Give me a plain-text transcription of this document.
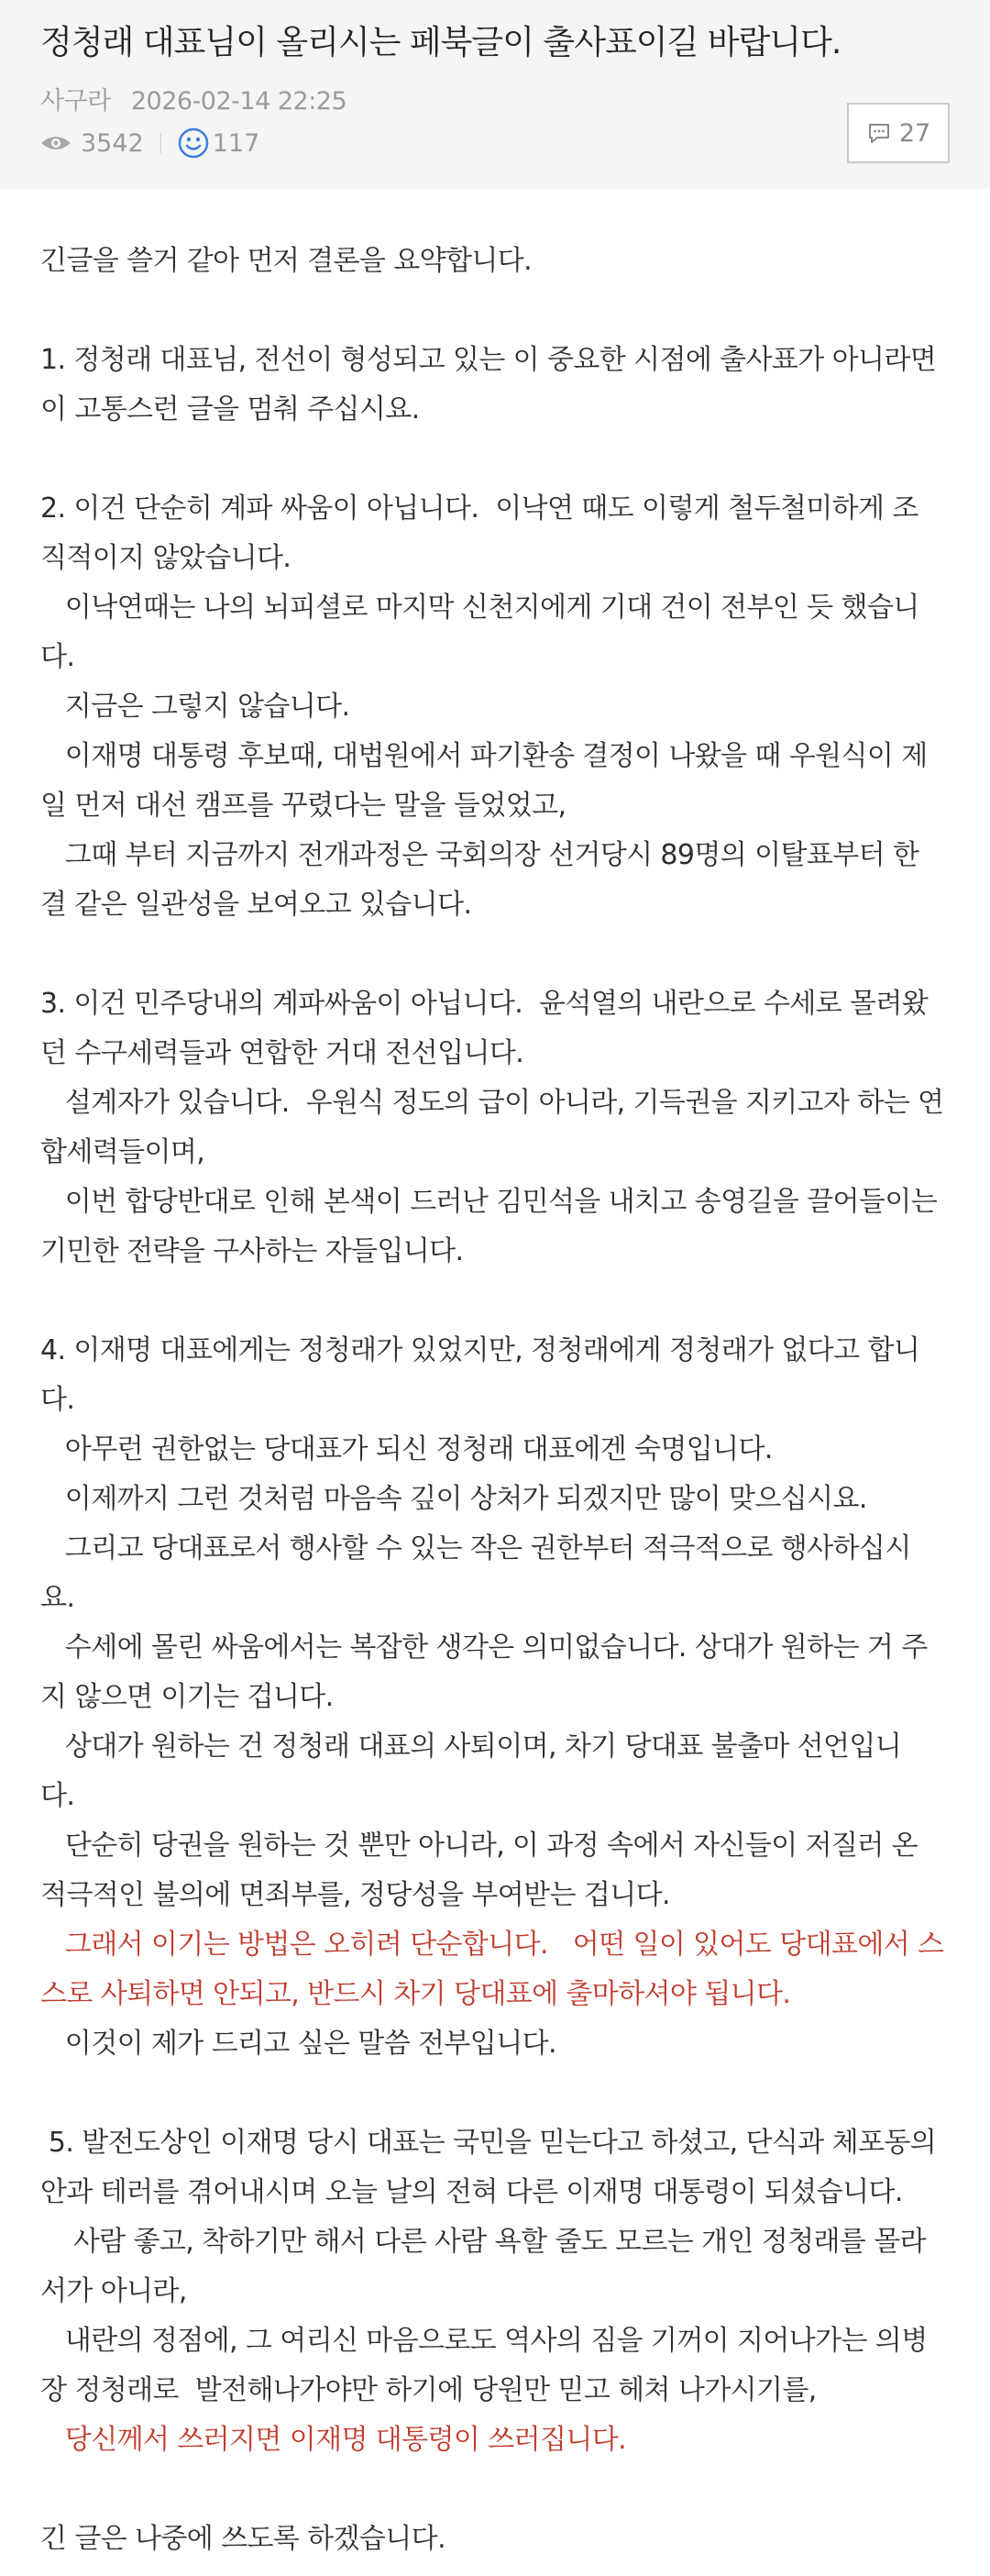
정청래 대표님이 올리시는 페북글이 출사표이길 바랍니다.
사구라 2026-02-14 22:25
3542	117	27
긴글을 쓸거 같아 먼저 결론을 요약합니다.
1. 정청래 대표님, 전선이 형성되고 있는 이 중요한 시점에 출사표가 아니라면
이 고통스런 글을 멈춰 주십시요.
2. 이건 단순히 계파 싸움이 아닙니다.  이낙연 때도 이렇게 철두철미하게 조
직적이지 않았습니다.
이낙연때는 나의 뇌피셜로 마지막 신천지에게 기대 건이 전부인 듯 했습니
다.
지금은 그렇지 않습니다.
이재명 대통령 후보때, 대법원에서 파기환송 결정이 나왔을 때 우원식이 제
일 먼저 대선 캠프를 꾸렸다는 말을 들었었고,
그때 부터 지금까지 전개과정은 국회의장 선거당시 89명의 이탈표부터 한
결 같은 일관성을 보여오고 있습니다.
3. 이건 민주당내의 계파싸움이 아닙니다.  윤석열의 내란으로 수세로 몰려왔
던 수구세력들과 연합한 거대 전선입니다.
설계자가 있습니다.  우원식 정도의 급이 아니라, 기득권을 지키고자 하는 연
합세력들이며,
이번 합당반대로 인해 본색이 드러난 김민석을 내치고 송영길을 끌어들이는
기민한 전략을 구사하는 자들입니다.
4. 이재명 대표에게는 정청래가 있었지만, 정청래에게 정청래가 없다고 합니
다.
아무런 권한없는 당대표가 되신 정청래 대표에겐 숙명입니다.
이제까지 그런 것처럼 마음속 깊이 상처가 되겠지만 많이 맞으십시요.
그리고 당대표로서 행사할 수 있는 작은 권한부터 적극적으로 행사하십시
요.
수세에 몰린 싸움에서는 복잡한 생각은 의미없습니다. 상대가 원하는 거 주
지 않으면 이기는 겁니다.
상대가 원하는 건 정청래 대표의 사퇴이며, 차기 당대표 불출마 선언입니
다.
단순히 당권을 원하는 것 뿐만 아니라, 이 과정 속에서 자신들이 저질러 온
적극적인 불의에 면죄부를, 정당성을 부여받는 겁니다.
그래서 이기는 방법은 오히려 단순합니다.   어떤 일이 있어도 당대표에서 스
스로 사퇴하면 안되고, 반드시 차기 당대표에 출마하셔야 됩니다.
이것이 제가 드리고 싶은 말씀 전부입니다.
5. 발전도상인 이재명 당시 대표는 국민을 믿는다고 하셨고, 단식과 체포동의
안과 테러를 겪어내시며 오늘 날의 전혀 다른 이재명 대통령이 되셨습니다.
사람 좋고, 착하기만 해서 다른 사람 욕할 줄도 모르는 개인 정청래를 몰라
서가 아니라,
내란의 정점에, 그 여리신 마음으로도 역사의 짐을 기꺼이 지어나가는 의병
장 정청래로  발전해나가야만 하기에 당원만 믿고 헤쳐 나가시기를,
당신께서 쓰러지면 이재명 대통령이 쓰러집니다.
긴 글은 나중에 쓰도록 하겠습니다.
